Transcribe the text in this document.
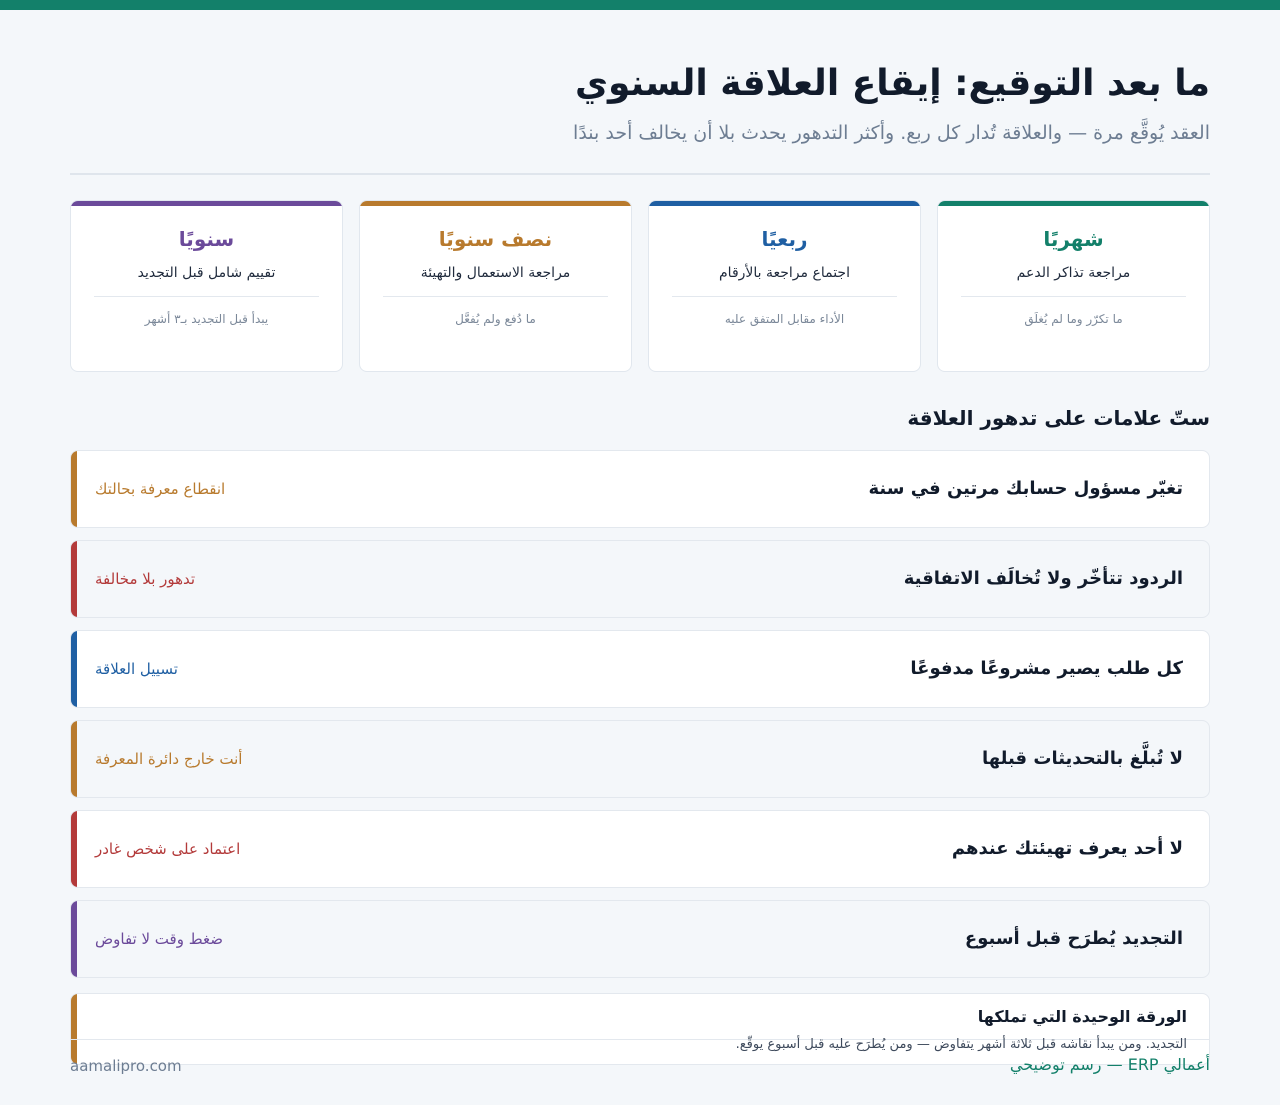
ما بعد التوقيع: إيقاع العلاقة السنوي

العقد يُوقَّع مرة — والعلاقة تُدار كل ربع. وأكثر التدهور يحدث بلا أن يخالف أحد بندًا

شهريًا
مراجعة تذاكر الدعم
ما تكرّر وما لم يُغلَق
ربعيًا
اجتماع مراجعة بالأرقام
الأداء مقابل المتفق عليه
نصف سنويًا
مراجعة الاستعمال والتهيئة
ما دُفع ولم يُفعَّل
سنويًا
تقييم شامل قبل التجديد
يبدأ قبل التجديد بـ٣ أشهر
ستّ علامات على تدهور العلاقة
تغيّر مسؤول حسابك مرتين في سنة
انقطاع معرفة بحالتك
الردود تتأخّر ولا تُخالَف الاتفاقية
تدهور بلا مخالفة
كل طلب يصير مشروعًا مدفوعًا
تسييل العلاقة
لا تُبلَّغ بالتحديثات قبلها
أنت خارج دائرة المعرفة
لا أحد يعرف تهيئتك عندهم
اعتماد على شخص غادر
التجديد يُطرَح قبل أسبوع
ضغط وقت لا تفاوض
الورقة الوحيدة التي تملكها
التجديد. ومن يبدأ نقاشه قبل ثلاثة أشهر يتفاوض — ومن يُطرَح عليه قبل أسبوع يوقّع.
aamalipro.com	أعمالي ERP — رسم توضيحي
